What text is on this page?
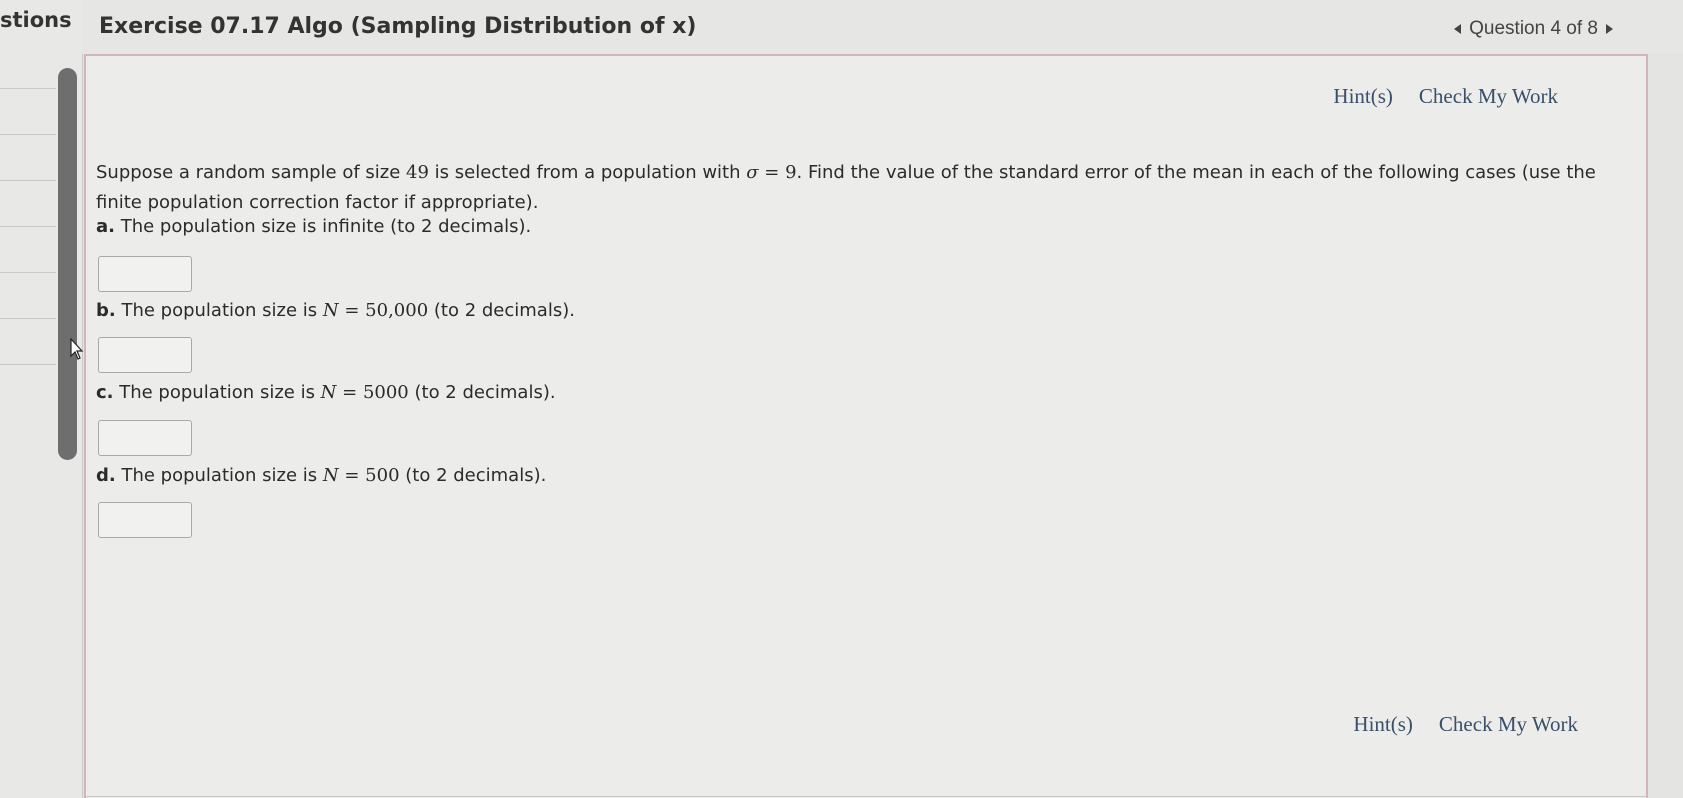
stions Exercise 07.17 Algo (Sampling Distribution of x)	Question 4 of 8
Hint(s) Check My Work
Suppose a random sample of size 49 is selected from a population with σ = 9. Find the value of the standard error of the mean in each of the following cases (use the finite population correction factor if appropriate).
a. The population size is infinite (to 2 decimals).
b. The population size is N = 50,000 (to 2 decimals).
c. The population size is N = 5000 (to 2 decimals).
d. The population size is N = 500 (to 2 decimals).
Hint(s) Check My Work
